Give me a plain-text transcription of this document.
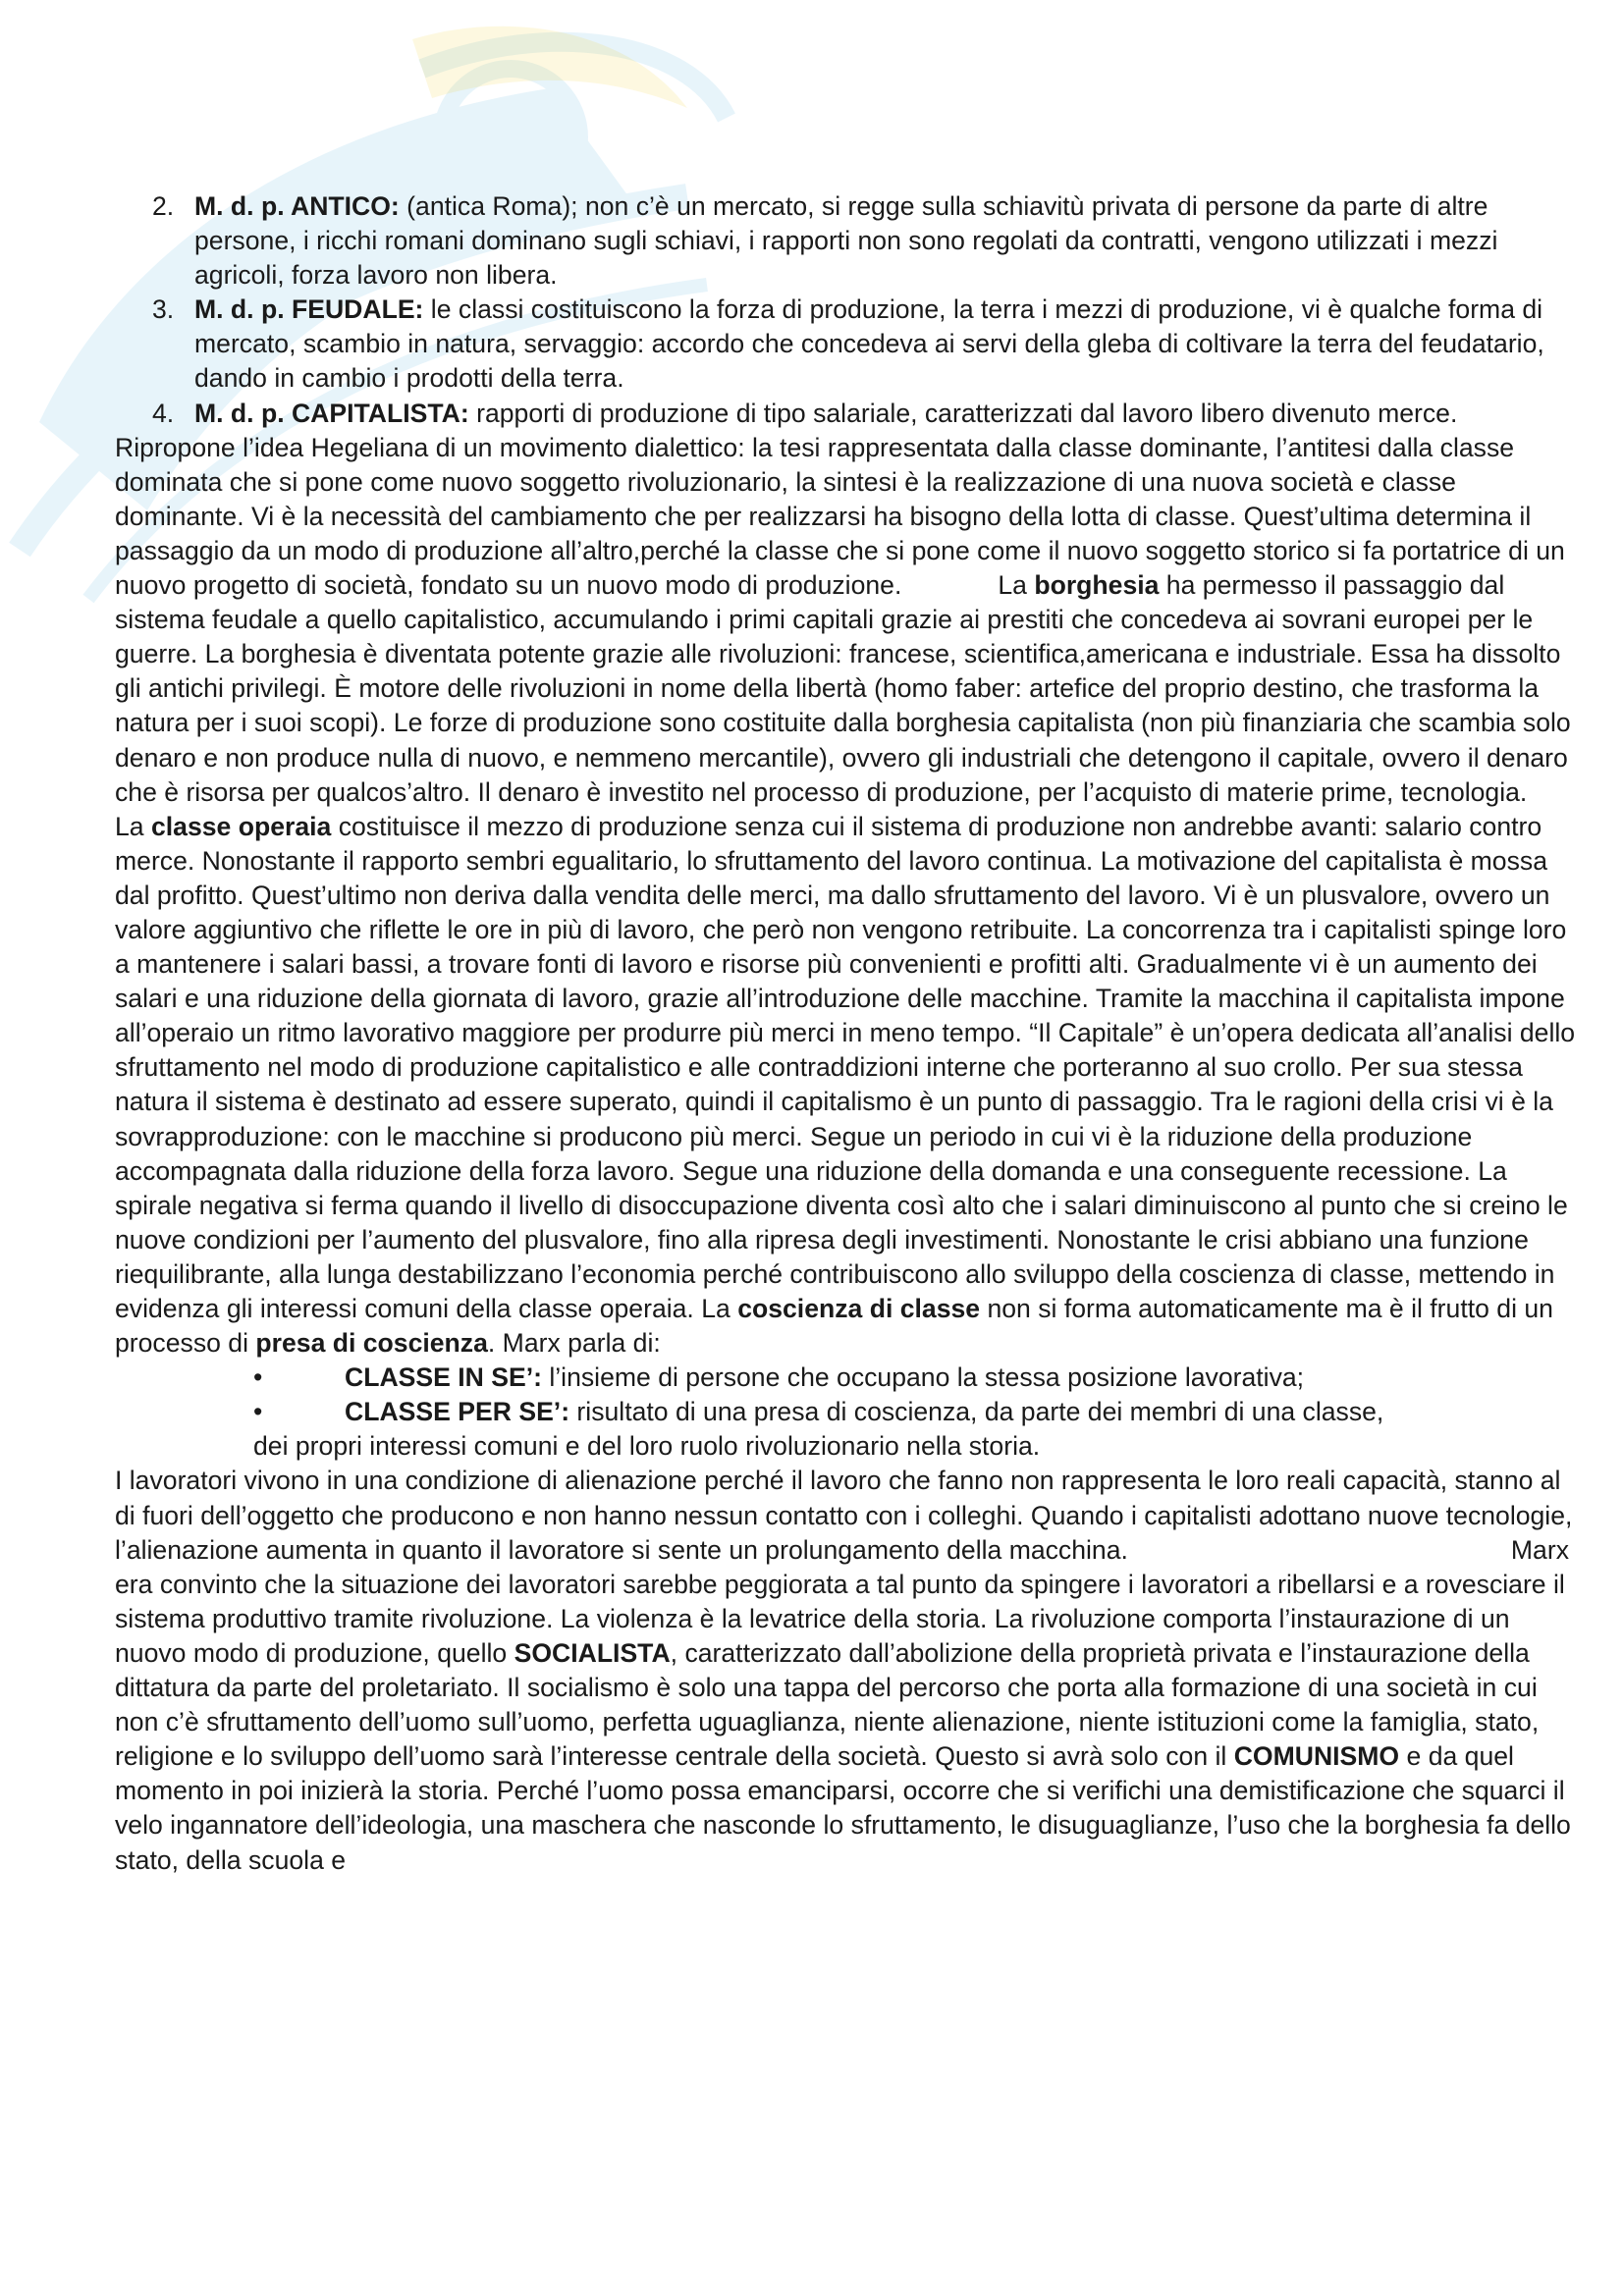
2. M. d. p. ANTICO: (antica Roma); non c’è un mercato, si regge sulla schiavitù privata di persone da parte di altre persone, i ricchi romani dominano sugli schiavi, i rapporti non sono regolati da contratti, vengono utilizzati i mezzi agricoli, forza lavoro non libera.
3. M. d. p. FEUDALE: le classi costituiscono la forza di produzione, la terra i mezzi di produzione, vi è qualche forma di mercato, scambio in natura, servaggio: accordo che concedeva ai servi della gleba di coltivare la terra del feudatario, dando in cambio i prodotti della terra.
4. M. d. p. CAPITALISTA: rapporti di produzione di tipo salariale, caratterizzati dal lavoro libero divenuto merce.

Ripropone l’idea Hegeliana di un movimento dialettico: la tesi rappresentata dalla classe dominante, l’antitesi dalla classe dominata che si pone come nuovo soggetto rivoluzionario, la sintesi è la realizzazione di una nuova società e classe dominante. Vi è la necessità del cambiamento che per realizzarsi ha bisogno della lotta di classe. Quest’ultima determina il passaggio da un modo di produzione all’altro,perché la classe che si pone come il nuovo soggetto storico si fa portatrice di un nuovo progetto di società, fondato su un nuovo modo di produzione.	La borghesia ha permesso il passaggio dal sistema feudale a quello capitalistico, accumulando i primi capitali grazie ai prestiti che concedeva ai sovrani europei per le guerre. La borghesia è diventata potente grazie alle rivoluzioni: francese, scientifica,americana e industriale. Essa ha dissolto gli antichi privilegi. È motore delle rivoluzioni in nome della libertà (homo faber: artefice del proprio destino, che trasforma la natura per i suoi scopi). Le forze di produzione sono costituite dalla borghesia capitalista (non più finanziaria che scambia solo denaro e non produce nulla di nuovo, e nemmeno mercantile), ovvero gli industriali che detengono il capitale, ovvero il denaro che è risorsa per qualcos’altro. Il denaro è investito nel processo di produzione, per l’acquisto di materie prime, tecnologia.

La classe operaia costituisce il mezzo di produzione senza cui il sistema di produzione non andrebbe avanti: salario contro merce. Nonostante il rapporto sembri egualitario, lo sfruttamento del lavoro continua. La motivazione del capitalista è mossa dal profitto. Quest’ultimo non deriva dalla vendita delle merci, ma dallo sfruttamento del lavoro. Vi è un plusvalore, ovvero un valore aggiuntivo che riflette le ore in più di lavoro, che però non vengono retribuite. La concorrenza tra i capitalisti spinge loro a mantenere i salari bassi, a trovare fonti di lavoro e risorse più convenienti e profitti alti. Gradualmente vi è un aumento dei salari e una riduzione della giornata di lavoro, grazie all’introduzione delle macchine. Tramite la macchina il capitalista impone all’operaio un ritmo lavorativo maggiore per produrre più merci in meno tempo. “Il Capitale” è un’opera dedicata all’analisi dello sfruttamento nel modo di produzione capitalistico e alle contraddizioni interne che porteranno al suo crollo. Per sua stessa natura il sistema è destinato ad essere superato, quindi il capitalismo è un punto di passaggio. Tra le ragioni della crisi vi è la sovrapproduzione: con le macchine si producono più merci. Segue un periodo in cui vi è la riduzione della produzione accompagnata dalla riduzione della forza lavoro. Segue una riduzione della domanda e una conseguente recessione. La spirale negativa si ferma quando il livello di disoccupazione diventa così alto che i salari diminuiscono al punto che si creino le nuove condizioni per l’aumento del plusvalore, fino alla ripresa degli investimenti. Nonostante le crisi abbiano una funzione riequilibrante, alla lunga destabilizzano l’economia perché contribuiscono allo sviluppo della coscienza di classe, mettendo in evidenza gli interessi comuni della classe operaia. La coscienza di classe non si forma automaticamente ma è il frutto di un processo di presa di coscienza. Marx parla di:

•	CLASSE IN SE’: l’insieme di persone che occupano la stessa posizione lavorativa;
•	CLASSE PER SE’: risultato di una presa di coscienza, da parte dei membri di una classe,
dei propri interessi comuni e del loro ruolo rivoluzionario nella storia.

I lavoratori vivono in una condizione di alienazione perché il lavoro che fanno non rappresenta le loro reali capacità, stanno al di fuori dell’oggetto che producono e non hanno nessun contatto con i colleghi. Quando i capitalisti adottano nuove tecnologie, l’alienazione aumenta in quanto il lavoratore si sente un prolungamento della macchina.	Marx era convinto che la situazione dei lavoratori sarebbe peggiorata a tal punto da spingere i lavoratori a ribellarsi e a rovesciare il sistema produttivo tramite rivoluzione. La violenza è la levatrice della storia. La rivoluzione comporta l’instaurazione di un nuovo modo di produzione, quello SOCIALISTA, caratterizzato dall’abolizione della proprietà privata e l’instaurazione della dittatura da parte del proletariato. Il socialismo è solo una tappa del percorso che porta alla formazione di una società in cui non c’è sfruttamento dell’uomo sull’uomo, perfetta uguaglianza, niente alienazione, niente istituzioni come la famiglia, stato, religione e lo sviluppo dell’uomo sarà l’interesse centrale della società. Questo si avrà solo con il COMUNISMO e da quel momento in poi inizierà la storia. Perché l’uomo possa emanciparsi, occorre che si verifichi una demistificazione che squarci il velo ingannatore dell’ideologia, una maschera che nasconde lo sfruttamento, le disuguaglianze, l’uso che la borghesia fa dello stato, della scuola e
